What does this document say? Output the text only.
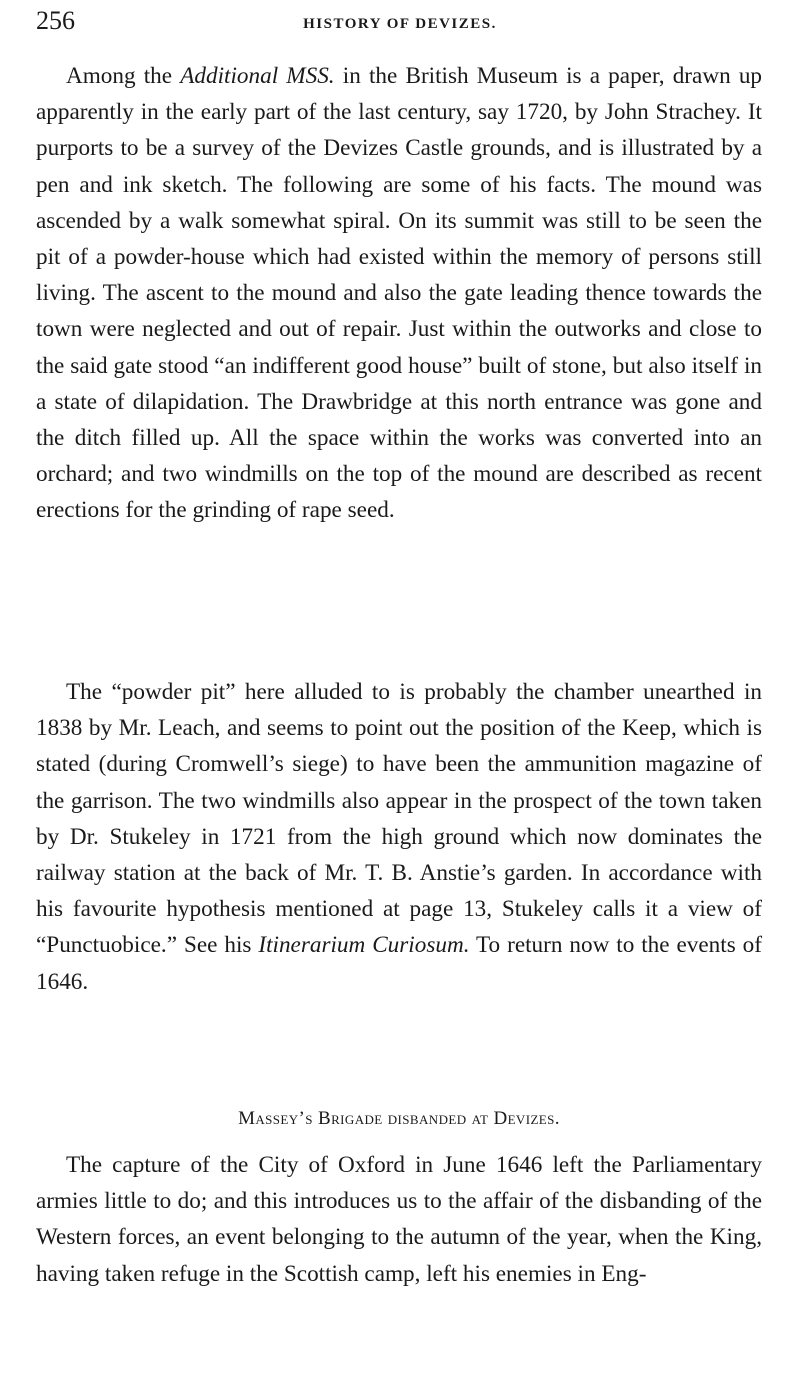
256	HISTORY OF DEVIZES.

Among the Additional MSS. in the British Museum is a paper, drawn up apparently in the early part of the last century, say 1720, by John Strachey. It purports to be a survey of the Devizes Castle grounds, and is illustrated by a pen and ink sketch. The following are some of his facts. The mound was ascended by a walk somewhat spiral. On its summit was still to be seen the pit of a powder-house which had existed within the memory of persons still living. The ascent to the mound and also the gate leading thence towards the town were neglected and out of repair. Just within the outworks and close to the said gate stood “an indifferent good house” built of stone, but also itself in a state of dilapidation. The Drawbridge at this north entrance was gone and the ditch filled up. All the space within the works was converted into an orchard; and two windmills on the top of the mound are described as recent erections for the grinding of rape seed.

The “powder pit” here alluded to is probably the chamber unearthed in 1838 by Mr. Leach, and seems to point out the position of the Keep, which is stated (during Cromwell’s siege) to have been the ammunition magazine of the garrison. The two windmills also appear in the prospect of the town taken by Dr. Stukeley in 1721 from the high ground which now dominates the railway station at the back of Mr. T. B. Anstie’s garden. In accordance with his favourite hypothesis mentioned at page 13, Stukeley calls it a view of “Punctuobice.” See his Itinerarium Curiosum. To return now to the events of 1646.

Massey’s Brigade disbanded at Devizes.

The capture of the City of Oxford in June 1646 left the Parliamentary armies little to do; and this introduces us to the affair of the disbanding of the Western forces, an event belonging to the autumn of the year, when the King, having taken refuge in the Scottish camp, left his enemies in Eng-
